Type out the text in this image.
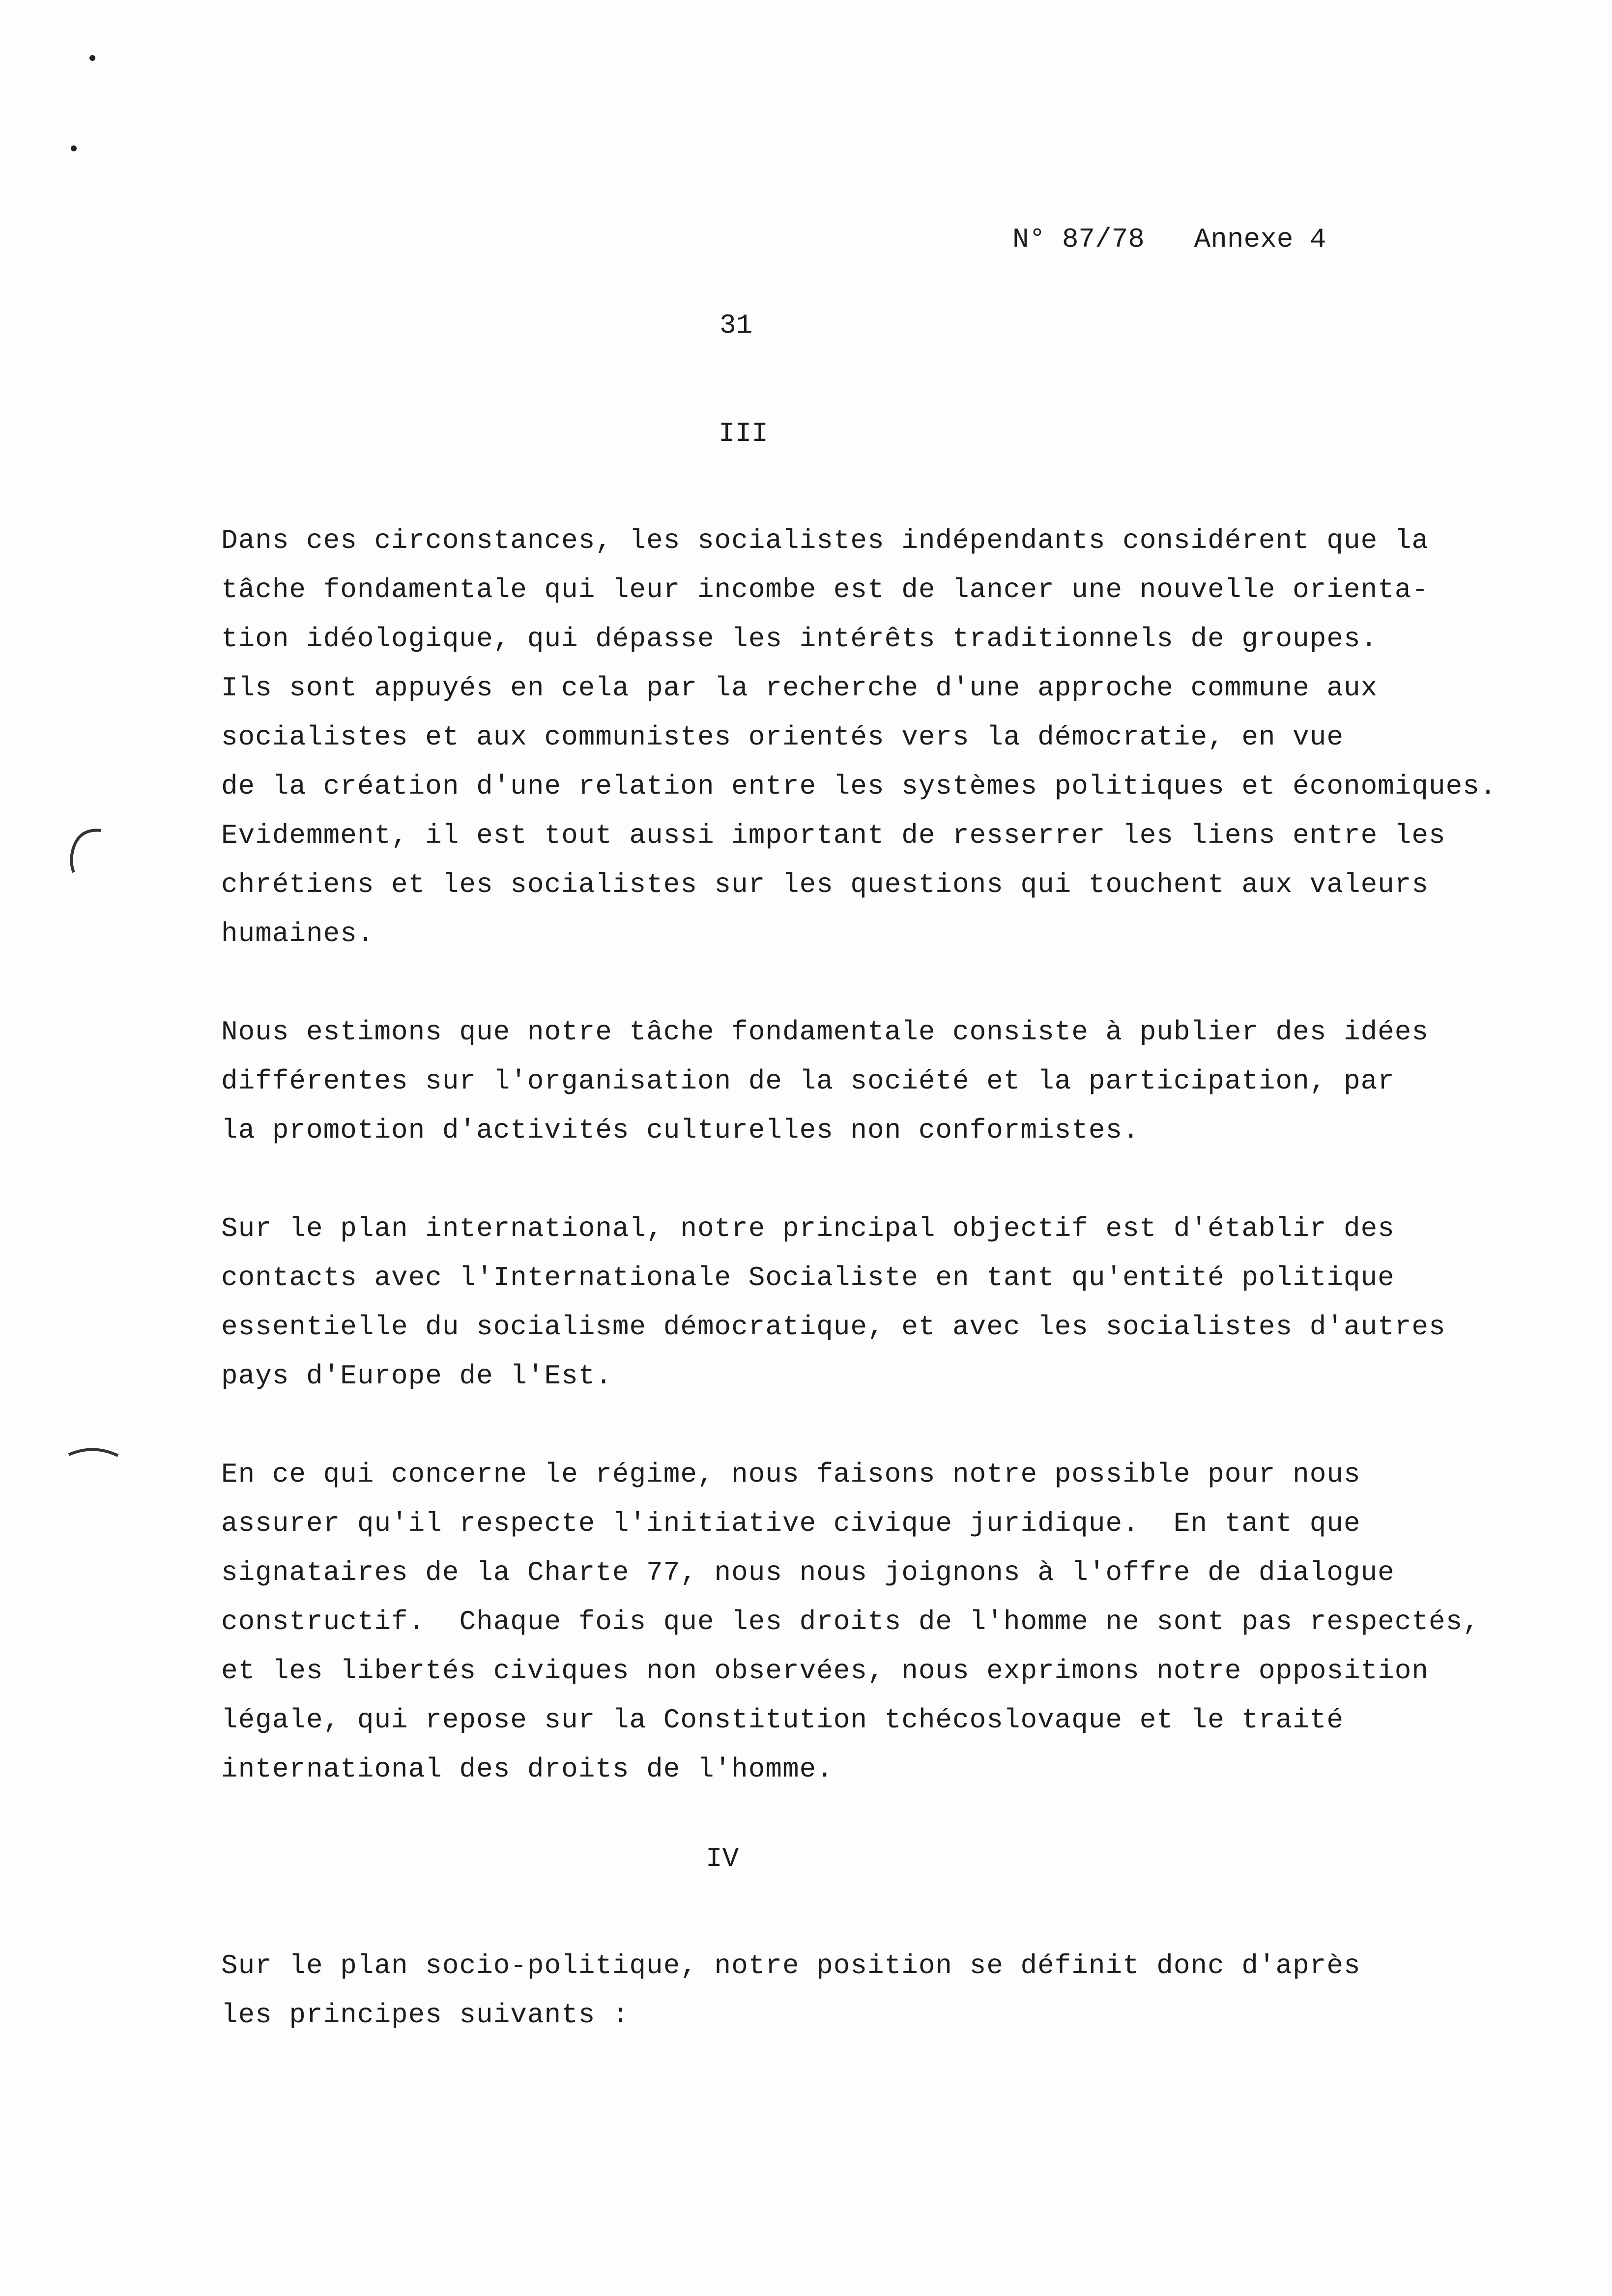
N° 87/78   Annexe 4
31
III
Dans ces circonstances, les socialistes indépendants considérent que la
tâche fondamentale qui leur incombe est de lancer une nouvelle orienta-
tion idéologique, qui dépasse les intérêts traditionnels de groupes.
Ils sont appuyés en cela par la recherche d'une approche commune aux
socialistes et aux communistes orientés vers la démocratie, en vue
de la création d'une relation entre les systèmes politiques et économiques.
Evidemment, il est tout aussi important de resserrer les liens entre les
chrétiens et les socialistes sur les questions qui touchent aux valeurs
humaines.
Nous estimons que notre tâche fondamentale consiste à publier des idées
différentes sur l'organisation de la société et la participation, par
la promotion d'activités culturelles non conformistes.
Sur le plan international, notre principal objectif est d'établir des
contacts avec l'Internationale Socialiste en tant qu'entité politique
essentielle du socialisme démocratique, et avec les socialistes d'autres
pays d'Europe de l'Est.
En ce qui concerne le régime, nous faisons notre possible pour nous
assurer qu'il respecte l'initiative civique juridique.  En tant que
signataires de la Charte 77, nous nous joignons à l'offre de dialogue
constructif.  Chaque fois que les droits de l'homme ne sont pas respectés,
et les libertés civiques non observées, nous exprimons notre opposition
légale, qui repose sur la Constitution tchécoslovaque et le traité
international des droits de l'homme.
IV
Sur le plan socio-politique, notre position se définit donc d'après
les principes suivants :
